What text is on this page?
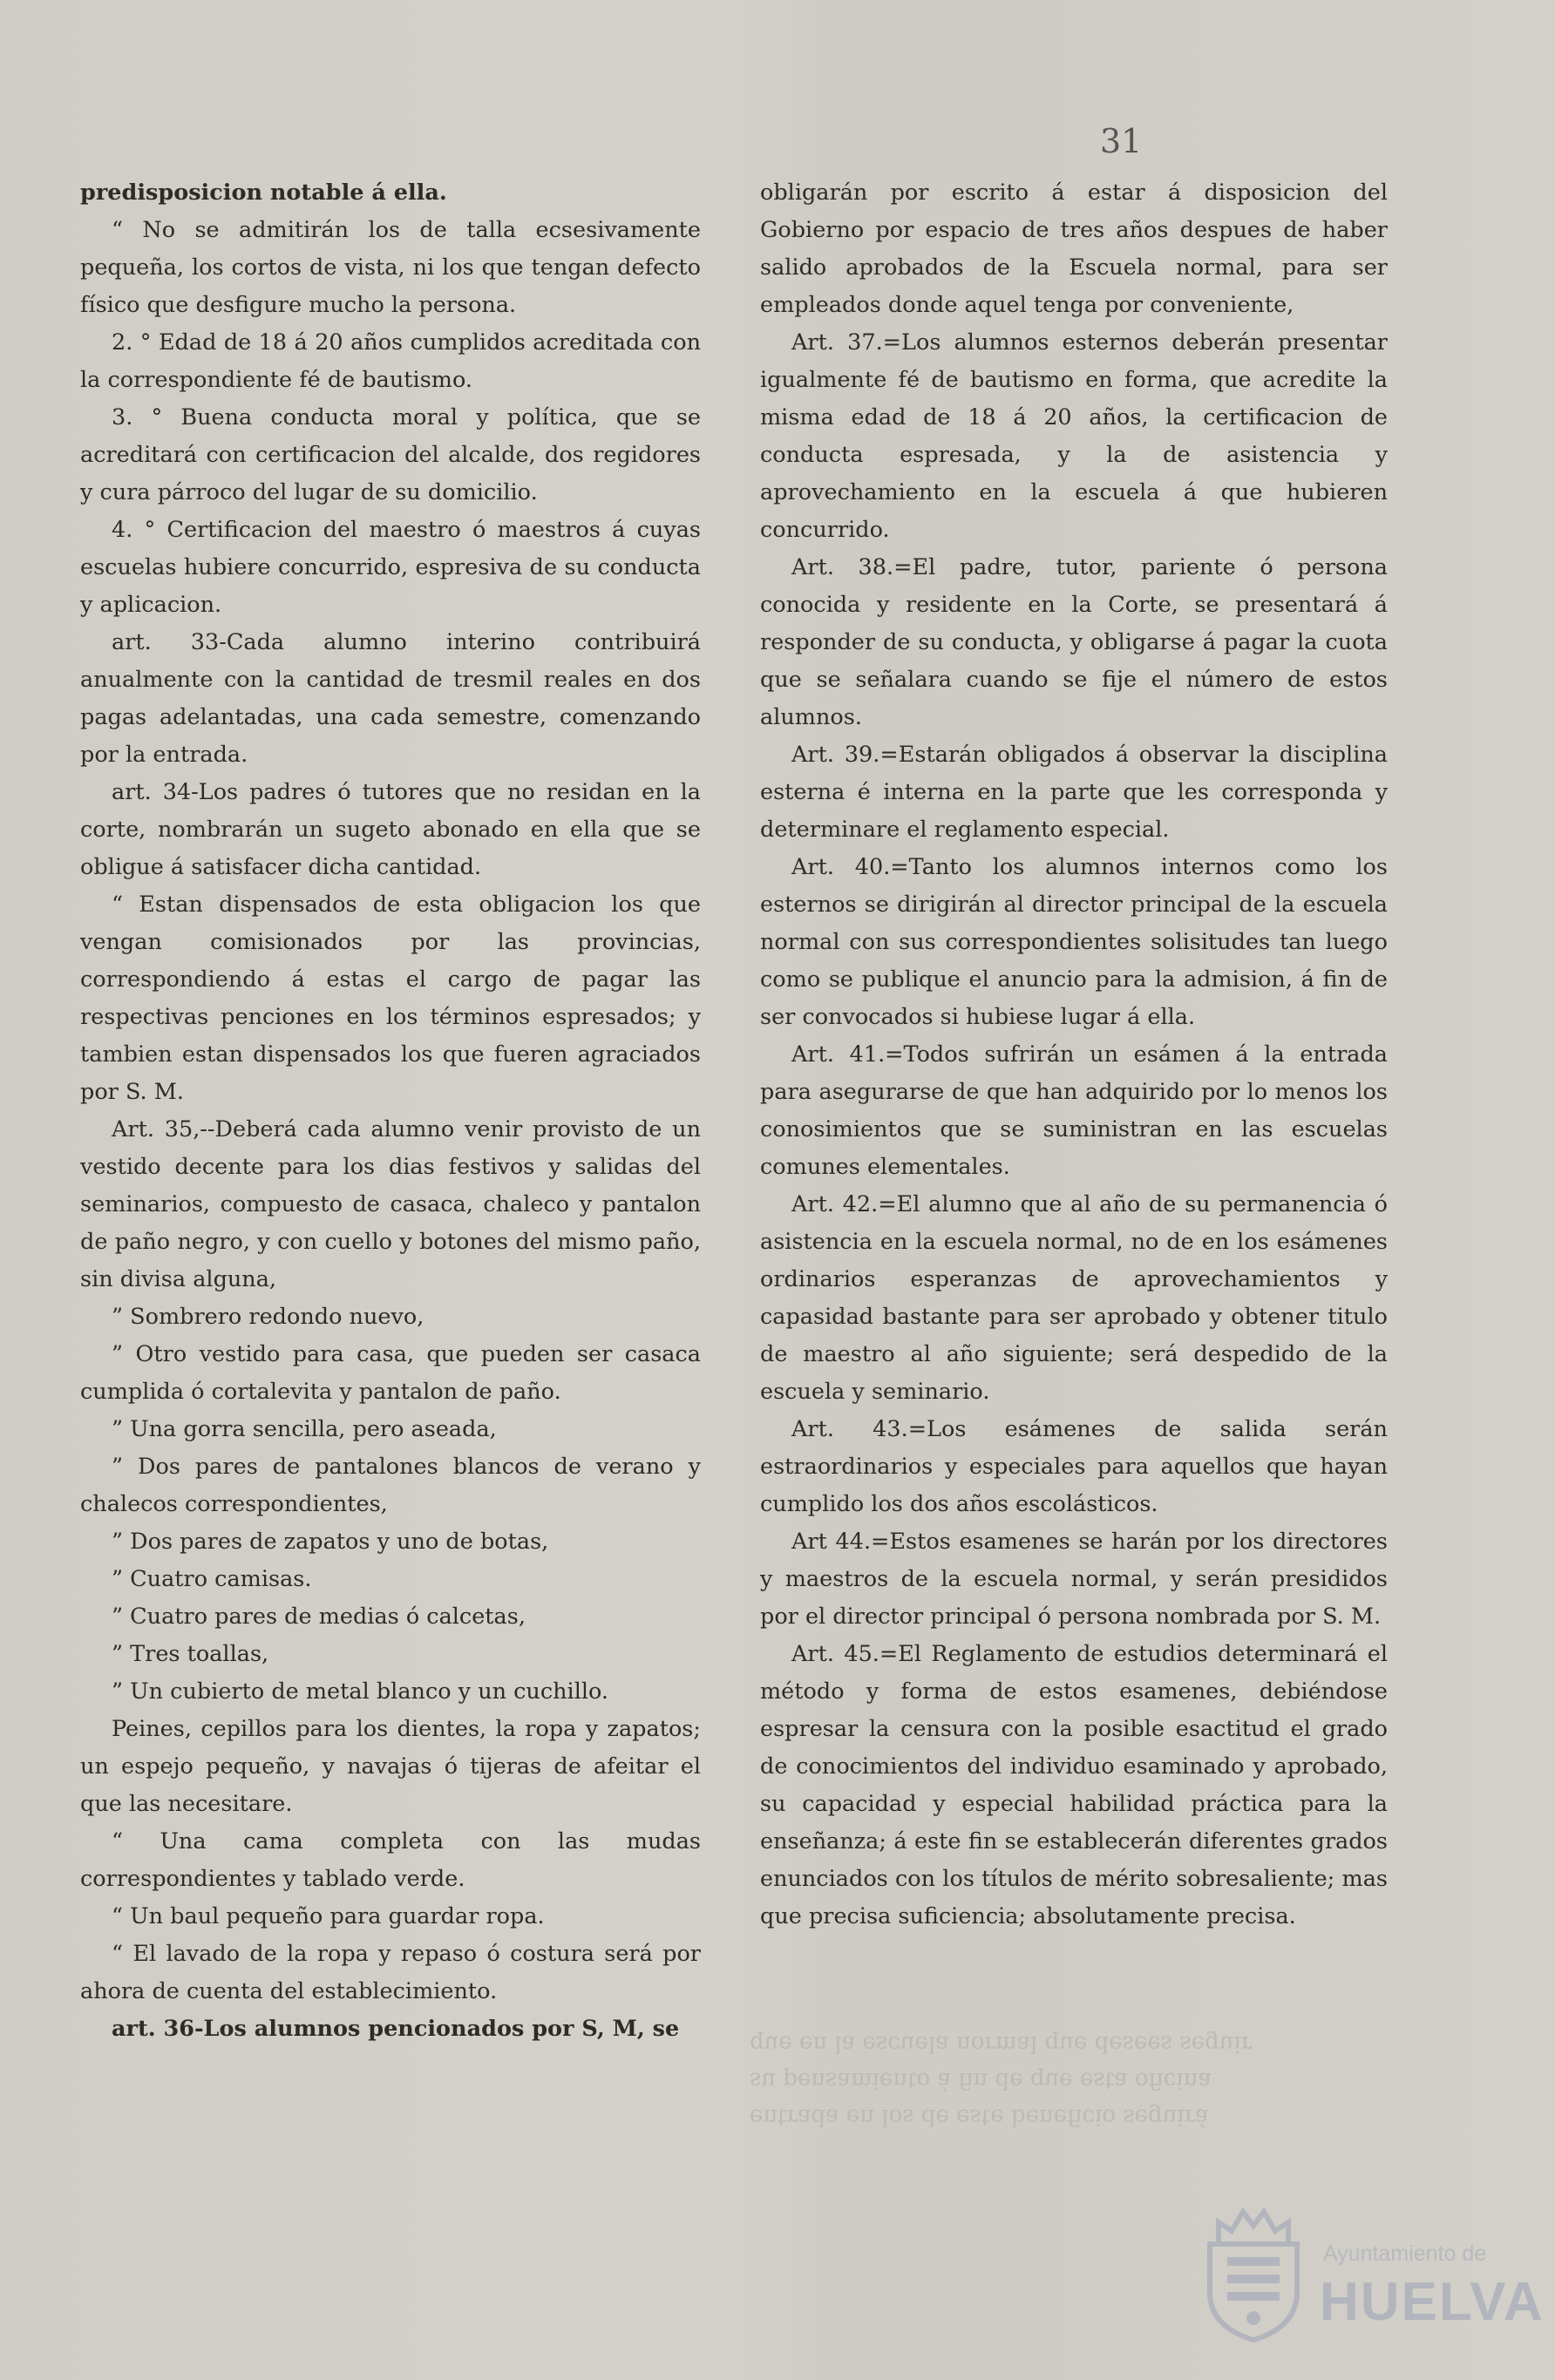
31

predisposicion notable á ella.

“ No se admitirán los de talla ecsesivamente pequeña, los cortos de vista, ni los que tengan defecto físico que desfigure mucho la persona.

2. ° Edad de 18 á 20 años cumplidos acreditada con la correspondiente fé de bautismo.

3. ° Buena conducta moral y política, que se acreditará con certificacion del alcalde, dos regidores y cura párroco del lugar de su domicilio.

4. ° Certificacion del maestro ó maestros á cuyas escuelas hubiere concurrido, espresiva de su conducta y aplicacion.

art. 33-Cada alumno interino contribuirá anualmente con la cantidad de tresmil reales en dos pagas adelantadas, una cada semestre, comenzando por la entrada.

art. 34-Los padres ó tutores que no residan en la corte, nombrarán un sugeto abonado en ella que se obligue á satisfacer dicha cantidad.

“ Estan dispensados de esta obligacion los que vengan comisionados por las provincias, correspondiendo á estas el cargo de pagar las respectivas penciones en los términos espresados; y tambien estan dispensados los que fueren agraciados por S. M.

Art. 35,--Deberá cada alumno venir provisto de un vestido decente para los dias festivos y salidas del seminarios, compuesto de casaca, chaleco y pantalon de paño negro, y con cuello y botones del mismo paño, sin divisa alguna,

” Sombrero redondo nuevo,

” Otro vestido para casa, que pueden ser casaca cumplida ó cortalevita y pantalon de paño.

” Una gorra sencilla, pero aseada,

” Dos pares de pantalones blancos de verano y chalecos correspondientes,

” Dos pares de zapatos y uno de botas,

” Cuatro camisas.

” Cuatro pares de medias ó calcetas,

” Tres toallas,

” Un cubierto de metal blanco y un cuchillo.

Peines, cepillos para los dientes, la ropa y zapatos; un espejo pequeño, y navajas ó tijeras de afeitar el que las necesitare.

“ Una cama completa con las mudas correspondientes y tablado verde.

“ Un baul pequeño para guardar ropa.

“ El lavado de la ropa y repaso ó costura será por ahora de cuenta del establecimiento.

art. 36-Los alumnos pencionados por S, M, se

obligarán por escrito á estar á disposicion del Gobierno por espacio de tres años despues de haber salido aprobados de la Escuela normal, para ser empleados donde aquel tenga por conveniente,

Art. 37.=Los alumnos esternos deberán presentar igualmente fé de bautismo en forma, que acredite la misma edad de 18 á 20 años, la certificacion de conducta espresada, y la de asistencia y aprovechamiento en la escuela á que hubieren concurrido.

Art. 38.=El padre, tutor, pariente ó persona conocida y residente en la Corte, se presentará á responder de su conducta, y obligarse á pagar la cuota que se señalara cuando se fije el número de estos alumnos.

Art. 39.=Estarán obligados á observar la disciplina esterna é interna en la parte que les corresponda y determinare el reglamento especial.

Art. 40.=Tanto los alumnos internos como los esternos se dirigirán al director principal de la escuela normal con sus correspondientes solisitudes tan luego como se publique el anuncio para la admision, á fin de ser convocados si hubiese lugar á ella.

Art. 41.=Todos sufrirán un esámen á la entrada para asegurarse de que han adquirido por lo menos los conosimientos que se suministran en las escuelas comunes elementales.

Art. 42.=El alumno que al año de su permanencia ó asistencia en la escuela normal, no de en los esámenes ordinarios esperanzas de aprovechamientos y capasidad bastante para ser aprobado y obtener titulo de maestro al año siguiente; será despedido de la escuela y seminario.

Art. 43.=Los esámenes de salida serán estraordinarios y especiales para aquellos que hayan cumplido los dos años escolásticos.

Art 44.=Estos esamenes se harán por los directores y maestros de la escuela normal, y serán presididos por el director principal ó persona nombrada por S. M.

Art. 45.=El Reglamento de estudios determinará el método y forma de estos esamenes, debiéndose espresar la censura con la posible esactitud el grado de conocimientos del individuo esaminado y aprobado, su capacidad y especial habilidad práctica para la enseñanza; á este fin se establecerán diferentes grados enunciados con los títulos de mérito sobresaliente; mas que precisa suficiencia; absolutamente precisa.

que en la escuela normal que desees seguir
su pensamiento á fin de que esta oficina
entrada en los de este beneficio seguirá
Ayuntamiento de
HUELVA
